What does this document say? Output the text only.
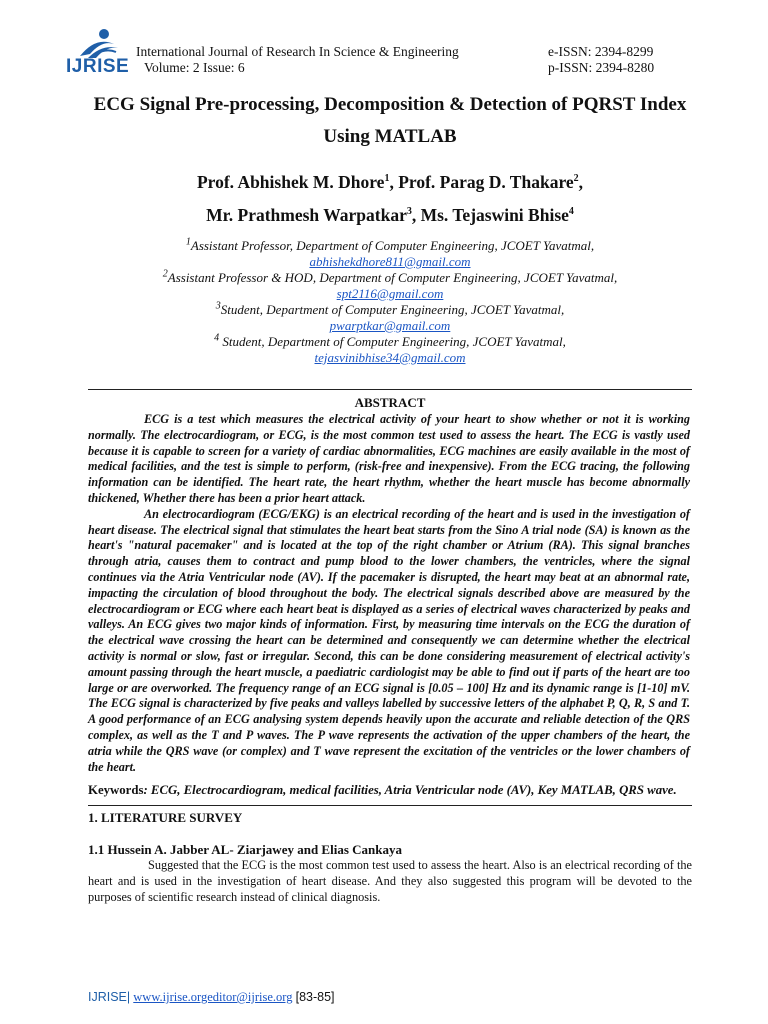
IJRISE
International Journal of Research In Science & Engineering
Volume: 2 Issue: 6
e-ISSN: 2394-8299
p-ISSN: 2394-8280
ECG Signal Pre-processing, Decomposition & Detection of PQRST Index
Using MATLAB
Prof. Abhishek M. Dhore$^1$, Prof. Parag D. Thakare$^2$,
Mr. Prathmesh Warpatkar$^3$, Ms. Tejaswini Bhise$^4$
$^1$Assistant Professor, Department of Computer Engineering, JCOET Yavatmal,
abhishekdhore811@gmail.com
$^2$Assistant Professor & HOD, Department of Computer Engineering, JCOET Yavatmal,
spt2116@gmail.com
$^3$Student, Department of Computer Engineering, JCOET Yavatmal,
pwarptkar@gmail.com
$^4$ Student, Department of Computer Engineering, JCOET Yavatmal,
tejasvinibhise34@gmail.com
ABSTRACT

ECG is a test which measures the electrical activity of your heart to show whether or not it is working normally. The electrocardiogram, or ECG, is the most common test used to assess the heart. The ECG is vastly used because it is capable to screen for a variety of cardiac abnormalities, ECG machines are easily available in the most of medical facilities, and the test is simple to perform, (risk-free and inexpensive). From the ECG tracing, the following information can be identified. The heart rate, the heart rhythm, whether the heart muscle has become abnormally thickened, Whether there has been a prior heart attack.

An electrocardiogram (ECG/EKG) is an electrical recording of the heart and is used in the investigation of heart disease. The electrical signal that stimulates the heart beat starts from the Sino A trial node (SA) is known as the heart's "natural pacemaker" and is located at the top of the right chamber or Atrium (RA). This signal branches through atria, causes them to contract and pump blood to the lower chambers, the ventricles, where the signal continues via the Atria Ventricular node (AV). If the pacemaker is disrupted, the heart may beat at an abnormal rate, impacting the circulation of blood throughout the body. The electrical signals described above are measured by the electrocardiogram or ECG where each heart beat is displayed as a series of electrical waves characterized by peaks and valleys. An ECG gives two major kinds of information. First, by measuring time intervals on the ECG the duration of the electrical wave crossing the heart can be determined and consequently we can determine whether the electrical activity is normal or slow, fast or irregular. Second, this can be done considering measurement of electrical activity's amount passing through the heart muscle, a paediatric cardiologist may be able to find out if parts of the heart are too large or are overworked. The frequency range of an ECG signal is [0.05 – 100] Hz and its dynamic range is [1-10] mV. The ECG signal is characterized by five peaks and valleys labelled by successive letters of the alphabet P, Q, R, S and T. A good performance of an ECG analysing system depends heavily upon the accurate and reliable detection of the QRS complex, as well as the T and P waves. The P wave represents the activation of the upper chambers of the heart, the atria while the QRS wave (or complex) and T wave represent the excitation of the ventricles or the lower chambers of the heart.

Keywords: ECG, Electrocardiogram, medical facilities, Atria Ventricular node (AV), Key MATLAB, QRS wave.
1. LITERATURE SURVEY
1.1 Hussein A. Jabber AL- Ziarjawey and Elias Cankaya

Suggested that the ECG is the most common test used to assess the heart. Also is an electrical recording of the heart and is used in the investigation of heart disease. And they also suggested this program will be devoted to the purposes of scientific research instead of clinical diagnosis.

IJRISE| www.ijrise.orgeditor@ijrise.org [83-85]
